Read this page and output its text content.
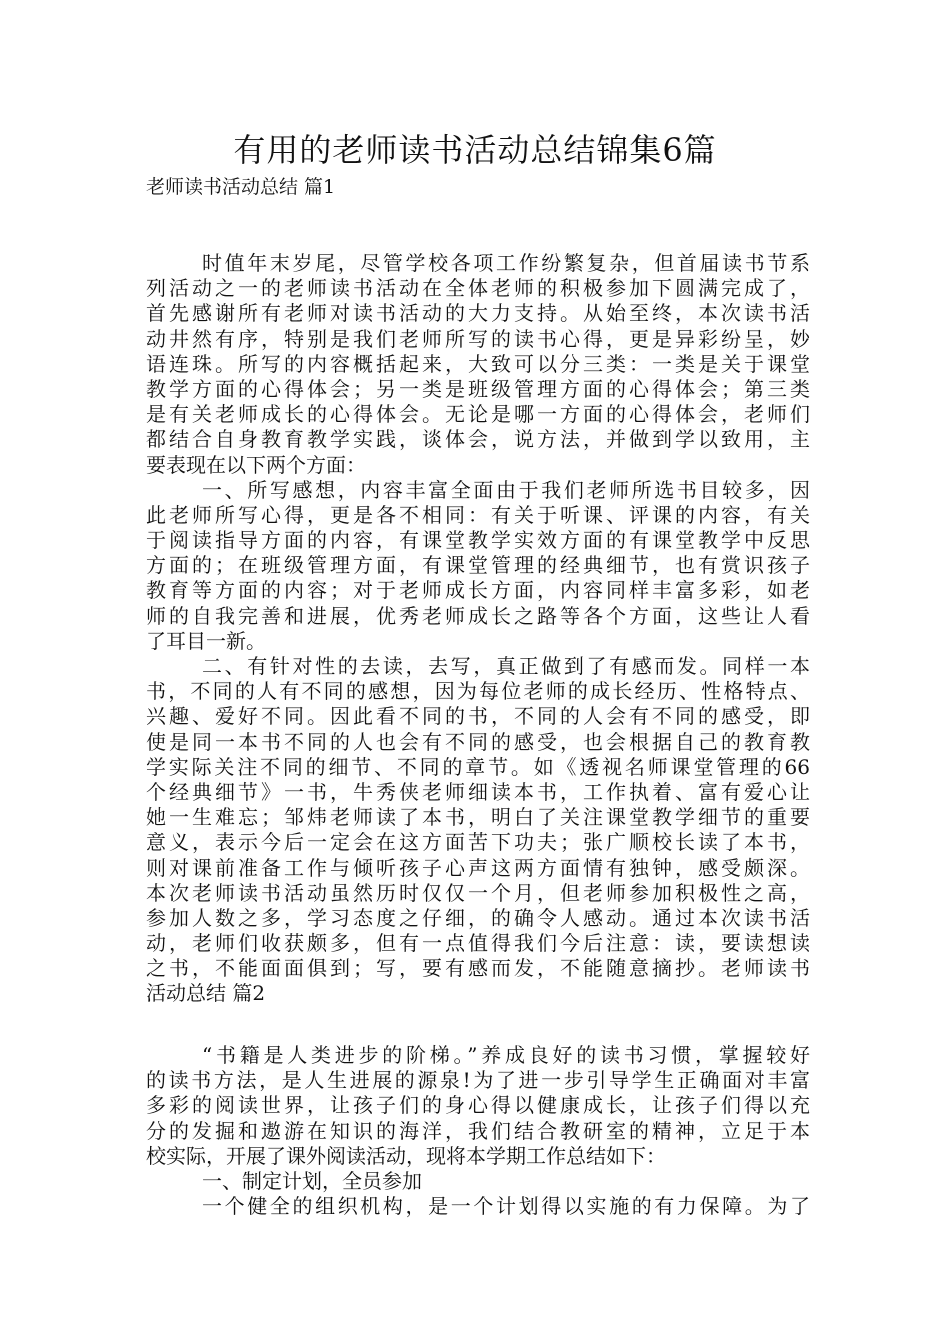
有用的老师读书活动总结锦集6篇
老师读书活动总结 篇1
时值年末岁尾，尽管学校各项工作纷繁复杂，但首届读书节系
列活动之一的老师读书活动在全体老师的积极参加下圆满完成了，
首先感谢所有老师对读书活动的大力支持。从始至终，本次读书活
动井然有序，特别是我们老师所写的读书心得，更是异彩纷呈，妙
语连珠。所写的内容概括起来，大致可以分三类：一类是关于课堂
教学方面的心得体会；另一类是班级管理方面的心得体会；第三类
是有关老师成长的心得体会。无论是哪一方面的心得体会，老师们
都结合自身教育教学实践，谈体会，说方法，并做到学以致用，主
要表现在以下两个方面：
一、所写感想，内容丰富全面由于我们老师所选书目较多，因
此老师所写心得，更是各不相同：有关于听课、评课的内容，有关
于阅读指导方面的内容，有课堂教学实效方面的有课堂教学中反思
方面的；在班级管理方面，有课堂管理的经典细节，也有赏识孩子
教育等方面的内容；对于老师成长方面，内容同样丰富多彩，如老
师的自我完善和进展，优秀老师成长之路等各个方面，这些让人看
了耳目一新。
二、有针对性的去读，去写，真正做到了有感而发。同样一本
书，不同的人有不同的感想，因为每位老师的成长经历、性格特点、
兴趣、爱好不同。因此看不同的书，不同的人会有不同的感受，即
使是同一本书不同的人也会有不同的感受，也会根据自己的教育教
学实际关注不同的细节、不同的章节。如《透视名师课堂管理的66
个经典细节》一书，牛秀侠老师细读本书，工作执着、富有爱心让
她一生难忘；邹炜老师读了本书，明白了关注课堂教学细节的重要
意义，表示今后一定会在这方面苦下功夫；张广顺校长读了本书，
则对课前准备工作与倾听孩子心声这两方面情有独钟，感受颇深。
本次老师读书活动虽然历时仅仅一个月，但老师参加积极性之高，
参加人数之多，学习态度之仔细，的确令人感动。通过本次读书活
动，老师们收获颇多，但有一点值得我们今后注意：读，要读想读
之书，不能面面俱到；写，要有感而发，不能随意摘抄。老师读书
活动总结 篇2
“书籍是人类进步的阶梯。”养成良好的读书习惯，掌握较好
的读书方法，是人生进展的源泉!为了进一步引导学生正确面对丰富
多彩的阅读世界，让孩子们的身心得以健康成长，让孩子们得以充
分的发掘和遨游在知识的海洋，我们结合教研室的精神，立足于本
校实际，开展了课外阅读活动，现将本学期工作总结如下：
一、制定计划，全员参加
一个健全的组织机构，是一个计划得以实施的有力保障。为了
